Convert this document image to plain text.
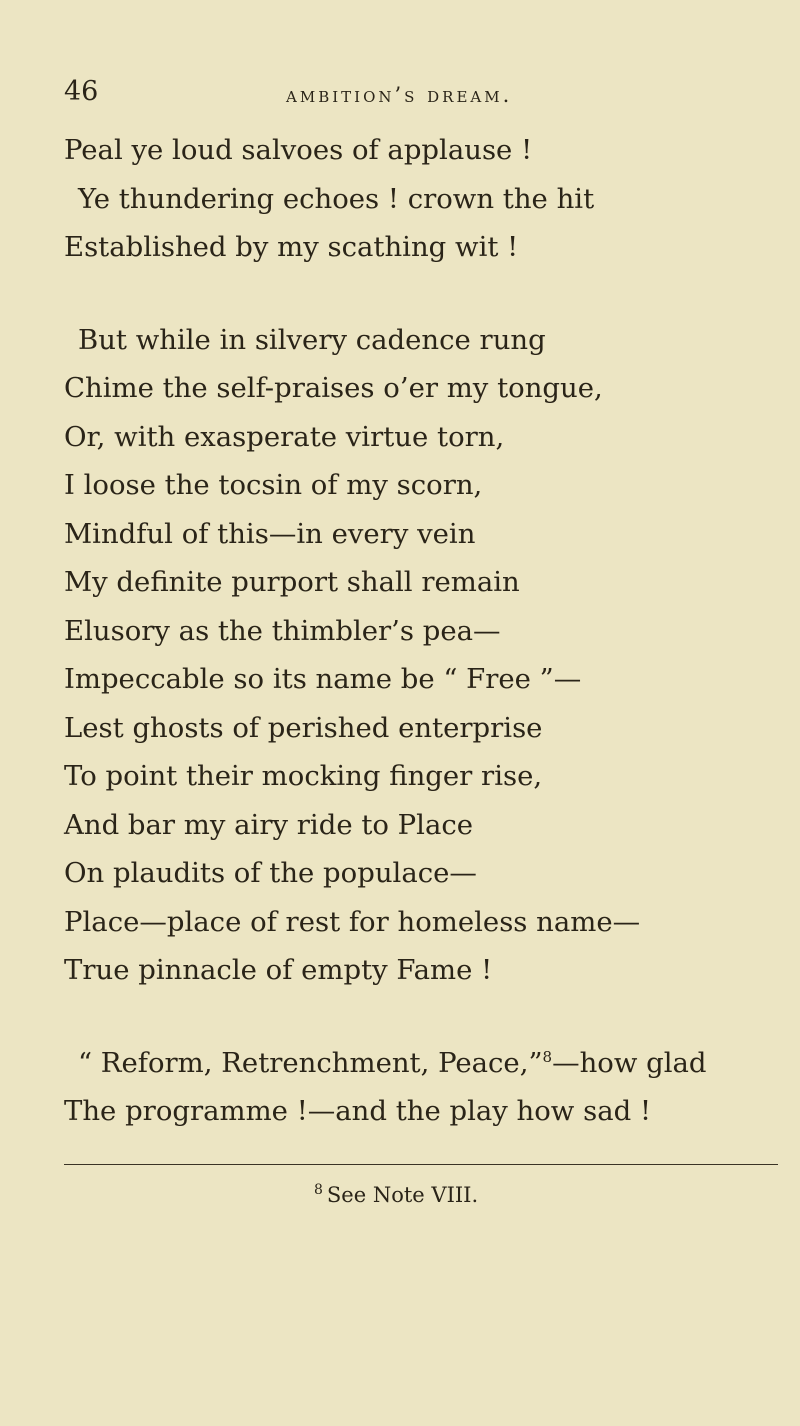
46	ambition’s dream.

Peal ye loud salvoes of applause !

Ye thundering echoes ! crown the hit

Established by my scathing wit !

But while in silvery cadence rung

Chime the self-praises o’er my tongue,

Or, with exasperate virtue torn,

I loose the tocsin of my scorn,

Mindful of this—in every vein

My definite purport shall remain

Elusory as the thimbler’s pea—

Impeccable so its name be “ Free ”—

Lest ghosts of perished enterprise

To point their mocking finger rise,

And bar my airy ride to Place

On plaudits of the populace—

Place—place of rest for homeless name—

True pinnacle of empty Fame !

“ Reform, Retrenchment, Peace,”$^8$—how glad

The programme !—and the play how sad !

$^8$ See Note VIII.
